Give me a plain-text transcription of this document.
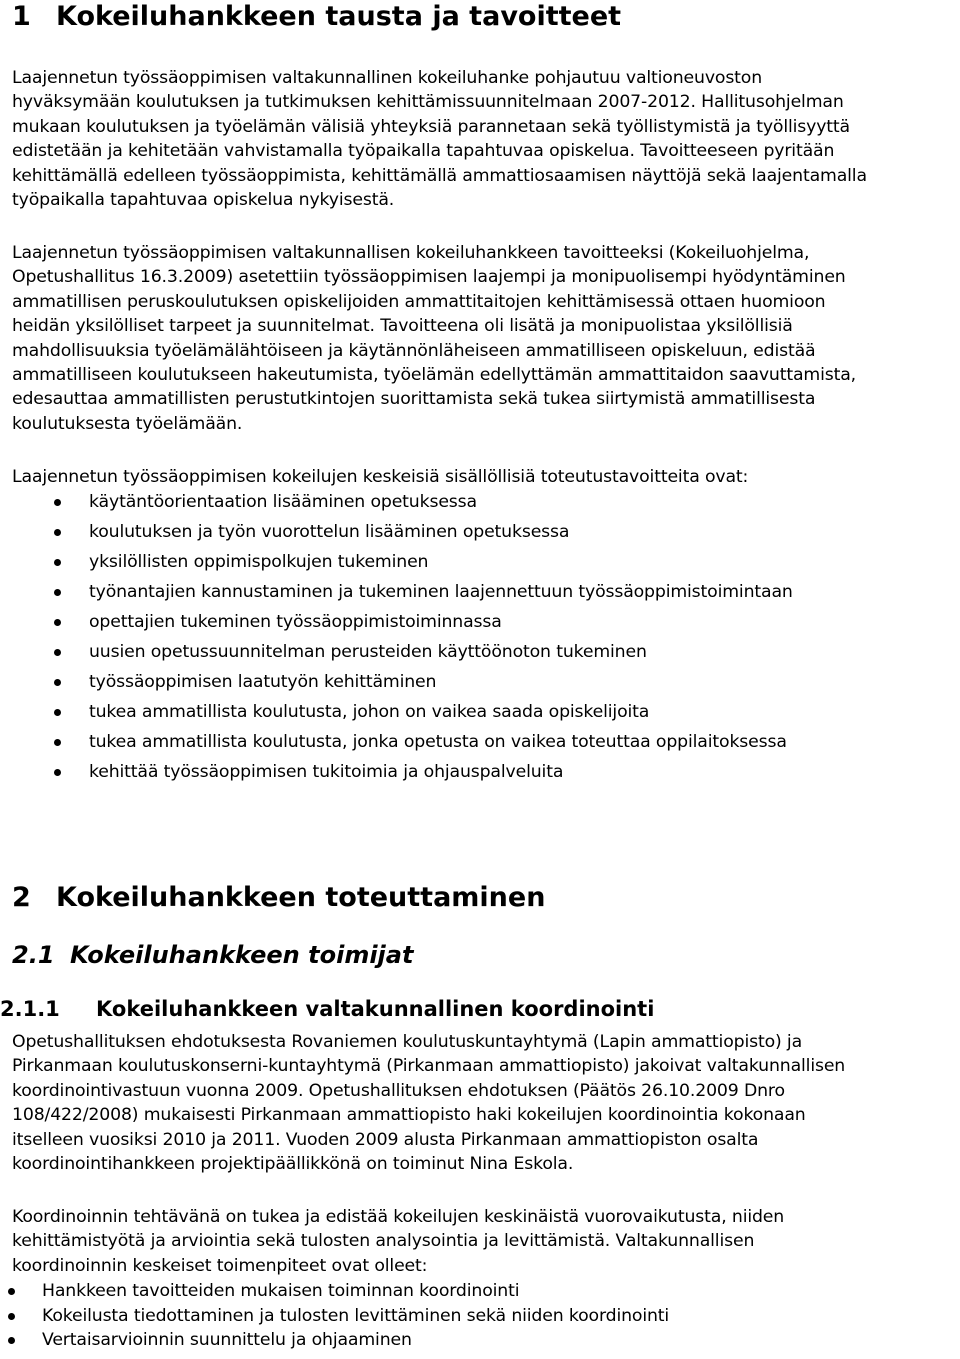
1 Kokeiluhankkeen tausta ja tavoitteet
Laajennetun työssäoppimisen valtakunnallinen kokeiluhanke pohjautuu valtioneuvoston
hyväksymään koulutuksen ja tutkimuksen kehittämissuunnitelmaan 2007-2012. Hallitusohjelman
mukaan koulutuksen ja työelämän välisiä yhteyksiä parannetaan sekä työllistymistä ja työllisyyttä
edistetään ja kehitetään vahvistamalla työpaikalla tapahtuvaa opiskelua. Tavoitteeseen pyritään
kehittämällä edelleen työssäoppimista, kehittämällä ammattiosaamisen näyttöjä sekä laajentamalla
työpaikalla tapahtuvaa opiskelua nykyisestä.
Laajennetun työssäoppimisen valtakunnallisen kokeiluhankkeen tavoitteeksi (Kokeiluohjelma,
Opetushallitus 16.3.2009) asetettiin työssäoppimisen laajempi ja monipuolisempi hyödyntäminen
ammatillisen peruskoulutuksen opiskelijoiden ammattitaitojen kehittämisessä ottaen huomioon
heidän yksilölliset tarpeet ja suunnitelmat. Tavoitteena oli lisätä ja monipuolistaa yksilöllisiä
mahdollisuuksia työelämälähtöiseen ja käytännönläheiseen ammatilliseen opiskeluun, edistää
ammatilliseen koulutukseen hakeutumista, työelämän edellyttämän ammattitaidon saavuttamista,
edesauttaa ammatillisten perustutkintojen suorittamista sekä tukea siirtymistä ammatillisesta
koulutuksesta työelämään.
Laajennetun työssäoppimisen kokeilujen keskeisiä sisällöllisiä toteutustavoitteita ovat:
käytäntöorientaation lisääminen opetuksessa
koulutuksen ja työn vuorottelun lisääminen opetuksessa
yksilöllisten oppimispolkujen tukeminen
työnantajien kannustaminen ja tukeminen laajennettuun työssäoppimistoimintaan
opettajien tukeminen työssäoppimistoiminnassa
uusien opetussuunnitelman perusteiden käyttöönoton tukeminen
työssäoppimisen laatutyön kehittäminen
tukea ammatillista koulutusta, johon on vaikea saada opiskelijoita
tukea ammatillista koulutusta, jonka opetusta on vaikea toteuttaa oppilaitoksessa
kehittää työssäoppimisen tukitoimia ja ohjauspalveluita
2 Kokeiluhankkeen toteuttaminen
2.1 Kokeiluhankkeen toimijat
2.1.1 Kokeiluhankkeen valtakunnallinen koordinointi
Opetushallituksen ehdotuksesta Rovaniemen koulutuskuntayhtymä (Lapin ammattiopisto) ja
Pirkanmaan koulutuskonserni-kuntayhtymä (Pirkanmaan ammattiopisto) jakoivat valtakunnallisen
koordinointivastuun vuonna 2009. Opetushallituksen ehdotuksen (Päätös 26.10.2009 Dnro
108/422/2008) mukaisesti Pirkanmaan ammattiopisto haki kokeilujen koordinointia kokonaan
itselleen vuosiksi 2010 ja 2011. Vuoden 2009 alusta Pirkanmaan ammattiopiston osalta
koordinointihankkeen projektipäällikkönä on toiminut Nina Eskola.
Koordinoinnin tehtävänä on tukea ja edistää kokeilujen keskinäistä vuorovaikutusta, niiden
kehittämistyötä ja arviointia sekä tulosten analysointia ja levittämistä. Valtakunnallisen
koordinoinnin keskeiset toimenpiteet ovat olleet:
Hankkeen tavoitteiden mukaisen toiminnan koordinointi
Kokeilusta tiedottaminen ja tulosten levittäminen sekä niiden koordinointi
Vertaisarvioinnin suunnittelu ja ohjaaminen
